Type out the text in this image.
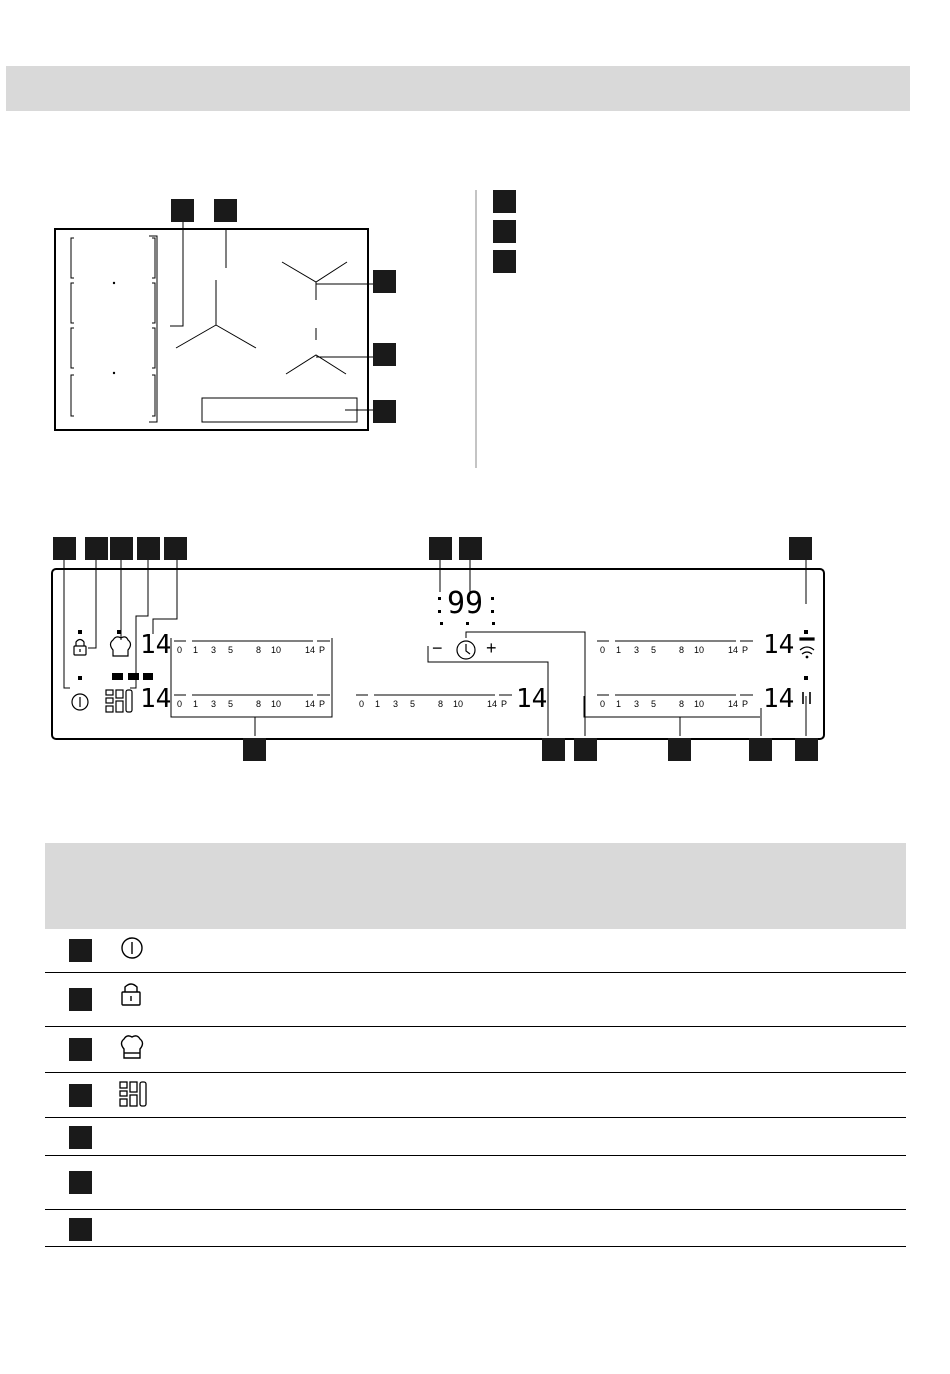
14
14	14
14
14
99
− +
0 1 3 5	8 10	14 P
0 1 3 5	8 10	14 P	0 1 3 5	8 10	14 P
0 1 3 5	8 10	14 P
0 1 3 5	8 10	14 P
